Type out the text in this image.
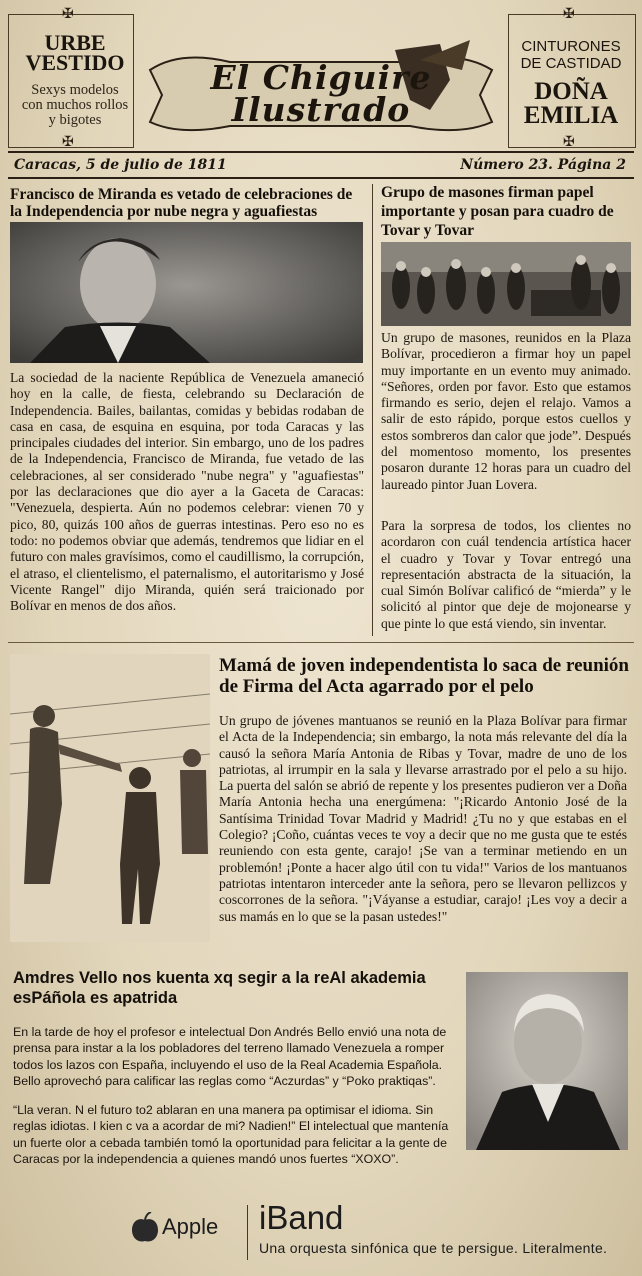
✠	✠
✠	✠
URBE VESTIDO
Sexys modelos con muchos rollos y bigotes
El Chiguire
Ilustrado
CINTURONES DE CASTIDAD
DOÑA EMILIA
Caracas, 5 de julio de 1811	Número 23. Página 2
Francisco de Miranda es vetado de celebraciones de la Independencia por nube negra y aguafiestas
La sociedad de la naciente República de Venezuela amaneció hoy en la calle, de fiesta, celebrando su Declaración de Independencia. Bailes, bailantas, comidas y bebidas rodaban de casa en casa, de esquina en esquina, por toda Caracas y las principales ciudades del interior. Sin embargo, uno de los padres de la Independencia, Francisco de Miranda, fue vetado de las celebraciones, al ser considerado "nube negra" y "aguafiestas" por las declaraciones que dio ayer a la Gaceta de Caracas: "Venezuela, despierta. Aún no podemos celebrar: vienen 70 y pico, 80, quizás 100 años de guerras intestinas. Pero eso no es todo: no podemos obviar que además, tendremos que lidiar en el futuro con males gravísimos, como el caudillismo, la corrupción, el atraso, el clientelismo, el paternalismo, el autoritarismo y José Vicente Rangel" dijo Miranda, quién será traicionado por Bolívar en menos de dos años.
Grupo de masones firman papel importante y posan para cuadro de Tovar y Tovar
Un grupo de masones, reunidos en la Plaza Bolívar, procedieron a firmar hoy un papel muy importante en un evento muy animado. “Señores, orden por favor. Esto que estamos firmando es serio, dejen el relajo. Vamos a salir de esto rápido, porque estos cuellos y estos sombreros dan calor que jode”. Después del momentoso momento, los presentes posaron durante 12 horas para un cuadro del laureado pintor Juan Lovera.
Para la sorpresa de todos, los clientes no acordaron con cuál tendencia artística hacer el cuadro y Tovar y Tovar entregó una representación abstracta de la situación, la cual Simón Bolívar calificó de “mierda” y le solicitó al pintor que deje de mojonearse y que pinte lo que está viendo, sin inventar.
Mamá de joven independentista lo saca de reunión de Firma del Acta agarrado por el pelo
Un grupo de jóvenes mantuanos se reunió en la Plaza Bolívar para firmar el Acta de la Independencia; sin embargo, la nota más relevante del día la causó la señora María Antonia de Ribas y Tovar, madre de uno de los patriotas, al irrumpir en la sala y llevarse arrastrado por el pelo a su hijo. La puerta del salón se abrió de repente y los presentes pudieron ver a Doña María Antonia hecha una energúmena: "¡Ricardo Antonio José de la Santísima Trinidad Tovar Madrid y Madrid! ¿Tu no y que estabas en el Colegio? ¡Coño, cuántas veces te voy a decir que no me gusta que te estés reuniendo con esta gente, carajo! ¡Se van a terminar metiendo en un problemón! ¡Ponte a hacer algo útil con tu vida!" Varios de los mantuanos patriotas intentaron interceder ante la señora, pero se llevaron pellizcos y coscorrones de la señora. "¡Váyanse a estudiar, carajo! ¡Les voy a decir a sus mamás en lo que se la pasan ustedes!"
Amdres Vello nos kuenta xq segir a la reAl akademia esPáñola es apatrida
En la tarde de hoy el profesor e intelectual Don Andrés Bello envió una nota de prensa para instar a la los pobladores del terreno llamado Venezuela a romper todos los lazos con España, incluyendo el uso de la Real Academia Española. Bello aprovechó para calificar las reglas como “Aczurdas” y “Poko praktiqas”.
“Lla veran. N el futuro to2 ablaran en una manera pa optimisar el idioma. Sin reglas idiotas. I kien c va a acordar de mi? Nadien!” El intelectual que mantenía un fuerte olor a cebada también tomó la oportunidad para felicitar a la gente de Caracas por la independencia a quienes mandó unos fuertes “XOXO”.
Apple iBand
Una orquesta sinfónica que te persigue. Literalmente.
